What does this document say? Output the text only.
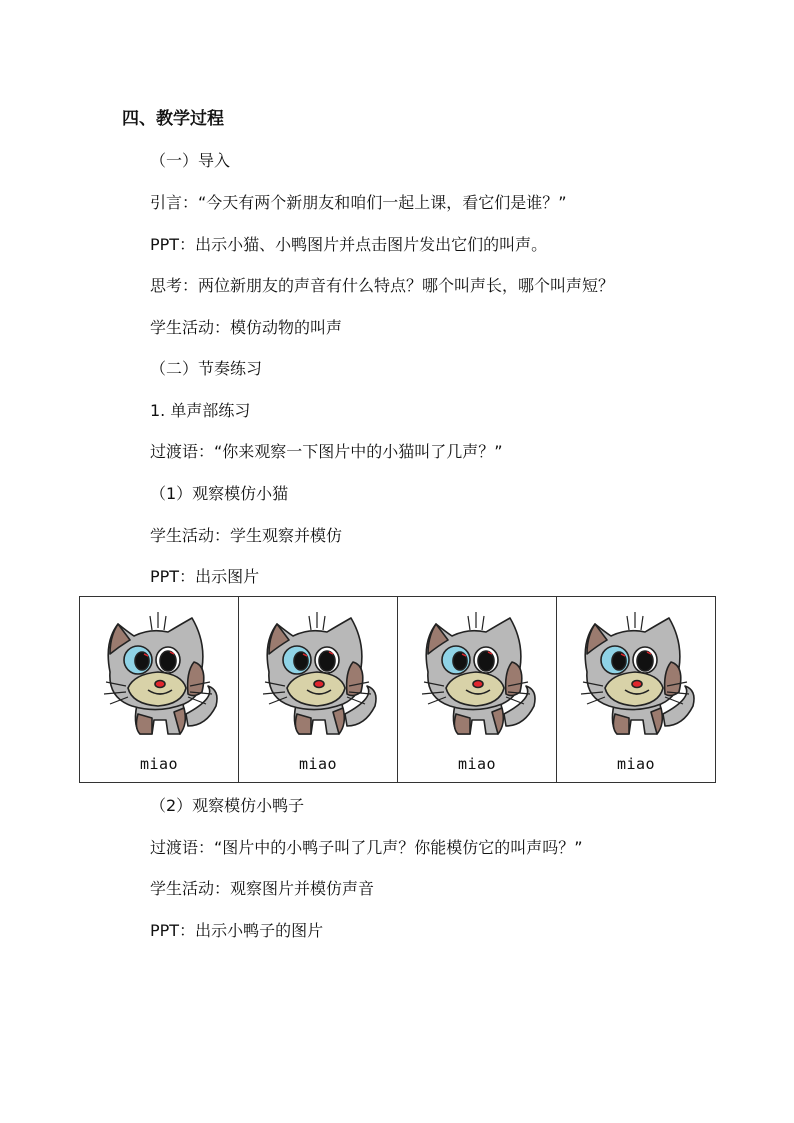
四、教学过程
（一）导入
引言：“今天有两个新朋友和咱们一起上课，看它们是谁？”
PPT：出示小猫、小鸭图片并点击图片发出它们的叫声。
思考：两位新朋友的声音有什么特点？哪个叫声长，哪个叫声短？
学生活动：模仿动物的叫声
（二）节奏练习
1. 单声部练习
过渡语：“你来观察一下图片中的小猫叫了几声？”
（1）观察模仿小猫
学生活动：学生观察并模仿
PPT：出示图片
miao	miao	miao	miao
（2）观察模仿小鸭子
过渡语：“图片中的小鸭子叫了几声？你能模仿它的叫声吗？”
学生活动：观察图片并模仿声音
PPT：出示小鸭子的图片
